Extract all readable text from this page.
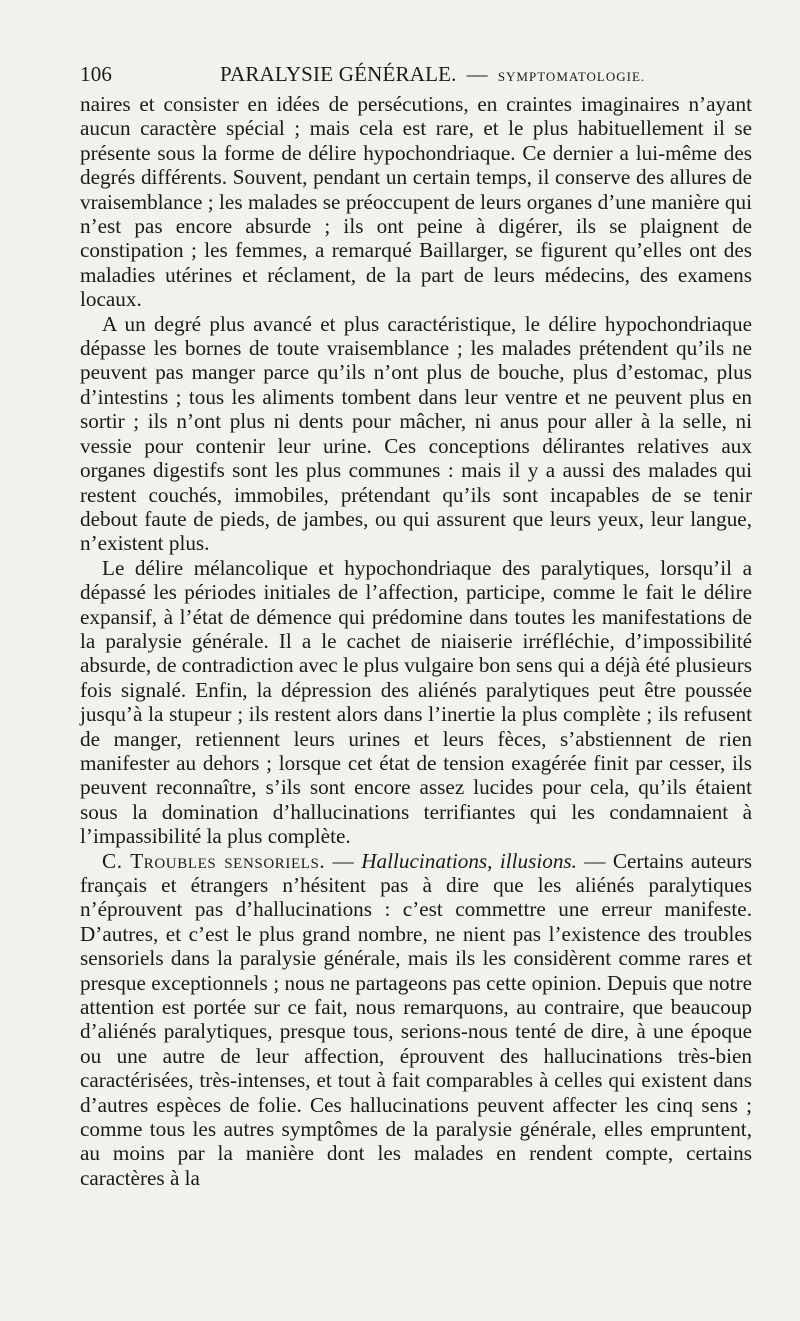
106	PARALYSIE GÉNÉRALE. — SYMPTOMATOLOGIE.

naires et consister en idées de persécutions, en craintes imaginaires n’ayant aucun caractère spécial ; mais cela est rare, et le plus habituellement il se présente sous la forme de délire hypochondriaque. Ce dernier a lui-même des degrés différents. Souvent, pendant un certain temps, il conserve des allures de vraisemblance ; les malades se préoccupent de leurs organes d’une manière qui n’est pas encore absurde ; ils ont peine à digérer, ils se plaignent de constipation ; les femmes, a remarqué Baillarger, se figurent qu’elles ont des maladies utérines et réclament, de la part de leurs médecins, des examens locaux.

A un degré plus avancé et plus caractéristique, le délire hypochondriaque dépasse les bornes de toute vraisemblance ; les malades prétendent qu’ils ne peuvent pas manger parce qu’ils n’ont plus de bouche, plus d’estomac, plus d’intestins ; tous les aliments tombent dans leur ventre et ne peuvent plus en sortir ; ils n’ont plus ni dents pour mâcher, ni anus pour aller à la selle, ni vessie pour contenir leur urine. Ces conceptions délirantes relatives aux organes digestifs sont les plus communes : mais il y a aussi des malades qui restent couchés, immobiles, prétendant qu’ils sont incapables de se tenir debout faute de pieds, de jambes, ou qui assurent que leurs yeux, leur langue, n’existent plus.

Le délire mélancolique et hypochondriaque des paralytiques, lorsqu’il a dépassé les périodes initiales de l’affection, participe, comme le fait le délire expansif, à l’état de démence qui prédomine dans toutes les manifestations de la paralysie générale. Il a le cachet de niaiserie irréfléchie, d’impossibilité absurde, de contradiction avec le plus vulgaire bon sens qui a déjà été plusieurs fois signalé. Enfin, la dépression des aliénés paralytiques peut être poussée jusqu’à la stupeur ; ils restent alors dans l’inertie la plus complète ; ils refusent de manger, retiennent leurs urines et leurs fèces, s’abstiennent de rien manifester au dehors ; lorsque cet état de tension exagérée finit par cesser, ils peuvent reconnaître, s’ils sont encore assez lucides pour cela, qu’ils étaient sous la domination d’hallucinations terrifiantes qui les condamnaient à l’impassibilité la plus complète.

C. Troubles sensoriels. — Hallucinations, illusions. — Certains auteurs français et étrangers n’hésitent pas à dire que les aliénés paralytiques n’éprouvent pas d’hallucinations : c’est commettre une erreur manifeste. D’autres, et c’est le plus grand nombre, ne nient pas l’existence des troubles sensoriels dans la paralysie générale, mais ils les considèrent comme rares et presque exceptionnels ; nous ne partageons pas cette opinion. Depuis que notre attention est portée sur ce fait, nous remarquons, au contraire, que beaucoup d’aliénés paralytiques, presque tous, serions-nous tenté de dire, à une époque ou une autre de leur affection, éprouvent des hallucinations très-bien caractérisées, très-intenses, et tout à fait comparables à celles qui existent dans d’autres espèces de folie. Ces hallucinations peuvent affecter les cinq sens ; comme tous les autres symptômes de la paralysie générale, elles empruntent, au moins par la manière dont les malades en rendent compte, certains caractères à la
